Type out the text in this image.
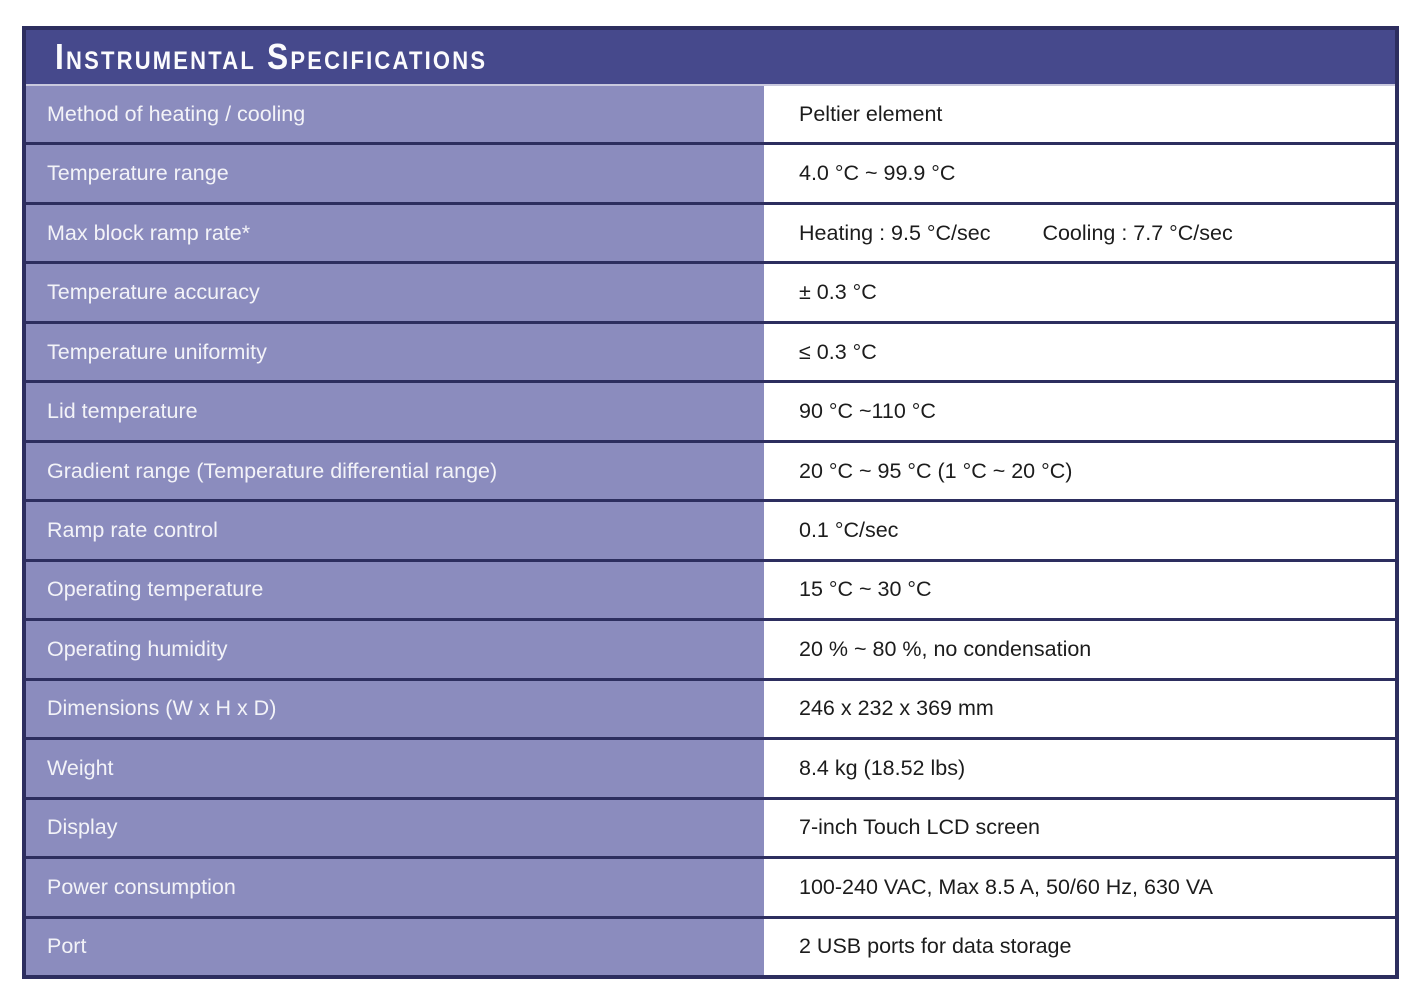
Instrumental Specifications
Method of heating / cooling	Peltier element
Temperature range	4.0 °C ~ 99.9 °C
Max block ramp rate*	Heating : 9.5 °C/sec Cooling : 7.7 °C/sec
Temperature accuracy	± 0.3 °C
Temperature uniformity	≤ 0.3 °C
Lid temperature	90 °C ~110 °C
Gradient range (Temperature differential range)	20 °C ~ 95 °C (1 °C ~ 20 °C)
Ramp rate control	0.1 °C/sec
Operating temperature	15 °C ~ 30 °C
Operating humidity	20 % ~ 80 %, no condensation
Dimensions (W x H x D)	246 x 232 x 369 mm
Weight	8.4 kg (18.52 lbs)
Display	7-inch Touch LCD screen
Power consumption	100-240 VAC, Max 8.5 A, 50/60 Hz, 630 VA
Port	2 USB ports for data storage
